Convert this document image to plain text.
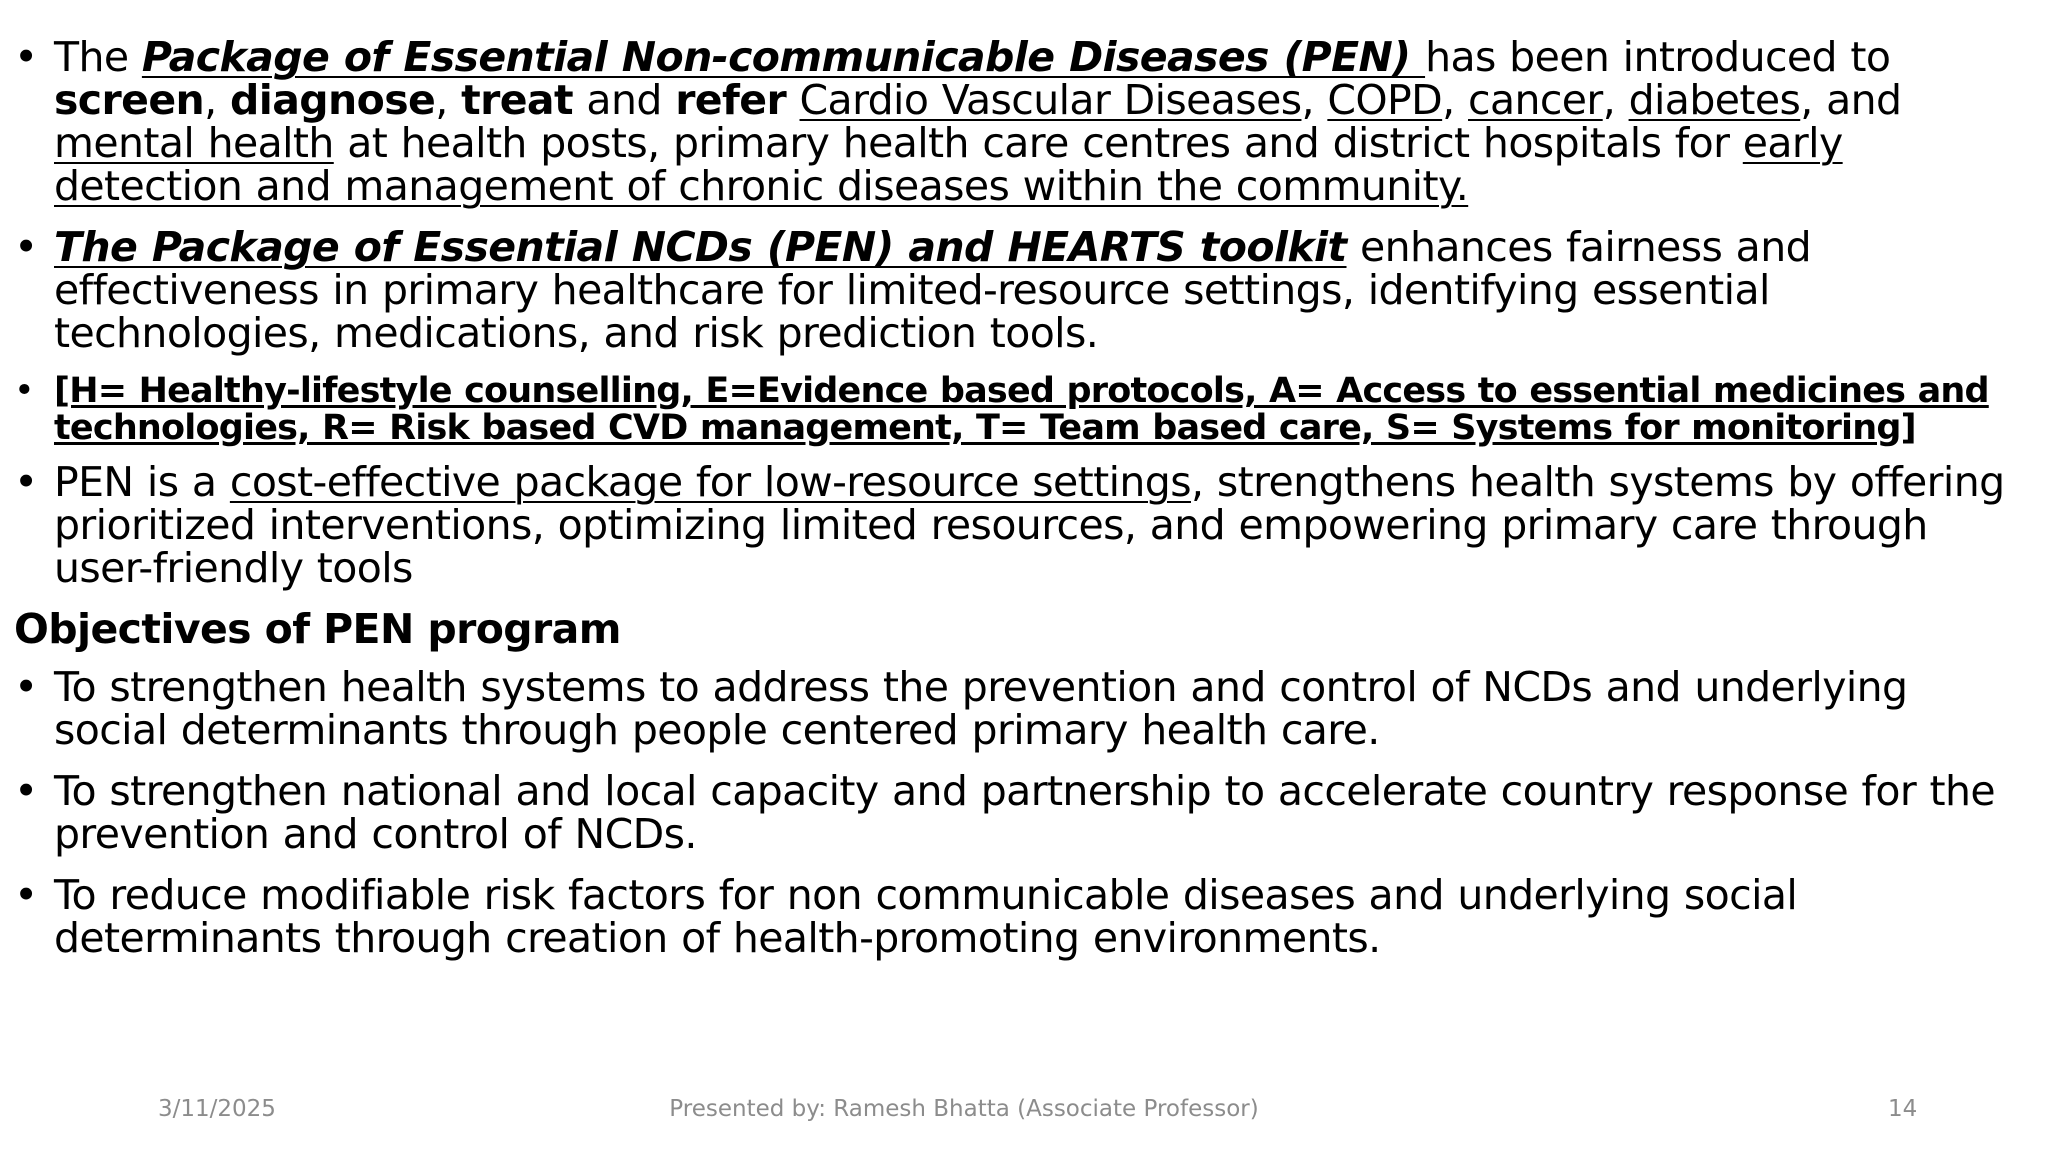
• The Package of Essential Non-communicable Diseases (PEN) has been introduced to screen, diagnose, treat and refer Cardio Vascular Diseases, COPD, cancer, diabetes, and mental health at health posts, primary health care centres and district hospitals for early detection and management of chronic diseases within the community.
• The Package of Essential NCDs (PEN) and HEARTS toolkit enhances fairness and effectiveness in primary healthcare for limited-resource settings, identifying essential technologies, medications, and risk prediction tools.
• [H= Healthy-lifestyle counselling, E=Evidence based protocols, A= Access to essential medicines and technologies, R= Risk based CVD management, T= Team based care, S= Systems for monitoring]
• PEN is a cost-effective package for low-resource settings, strengthens health systems by offering prioritized interventions, optimizing limited resources, and empowering primary care through user-friendly tools
Objectives of PEN program
• To strengthen health systems to address the prevention and control of NCDs and underlying social determinants through people centered primary health care.
• To strengthen national and local capacity and partnership to accelerate country response for the prevention and control of NCDs.
• To reduce modifiable risk factors for non communicable diseases and underlying social determinants through creation of health-promoting environments.
3/11/2025	Presented by: Ramesh Bhatta (Associate Professor)	14
